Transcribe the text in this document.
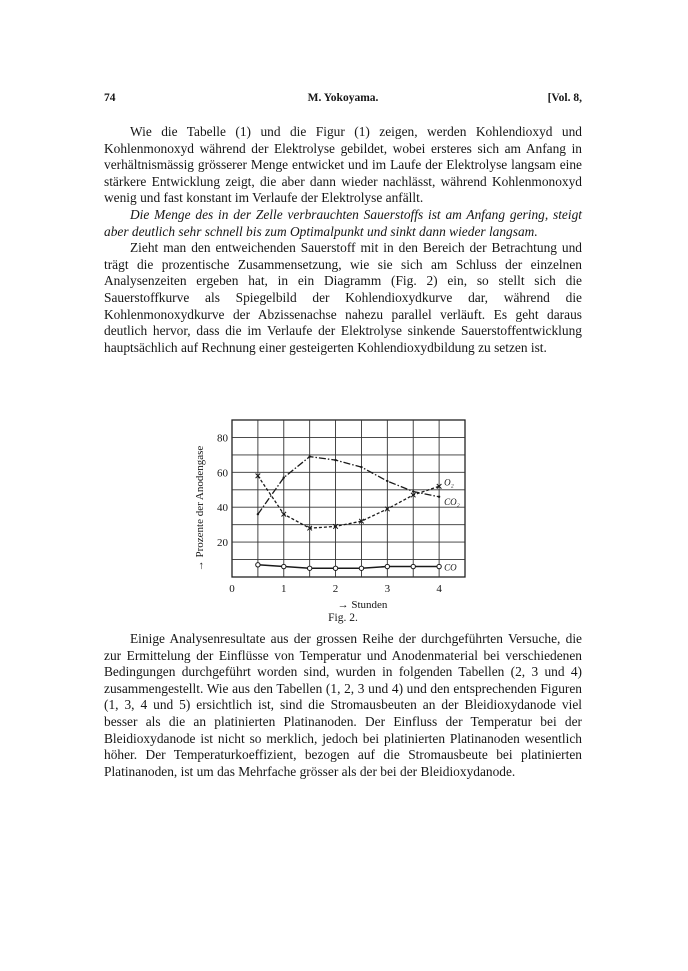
74	M. Yokoyama.	[Vol. 8,

Wie die Tabelle (1) und die Figur (1) zeigen, werden Kohlendioxyd und Kohlenmonoxyd während der Elektrolyse gebildet, wobei ersteres sich am Anfang in verhältnismässig grösserer Menge entwicket und im Laufe der Elektrolyse langsam eine stärkere Entwicklung zeigt, die aber dann wieder nachlässt, während Kohlenmonoxyd wenig und fast konstant im Verlaufe der Elektrolyse anfällt.

Die Menge des in der Zelle verbrauchten Sauerstoffs ist am Anfang gering, steigt aber deutlich sehr schnell bis zum Optimalpunkt und sinkt dann wieder langsam.

Zieht man den entweichenden Sauerstoff mit in den Bereich der Betrachtung und trägt die prozentische Zusammensetzung, wie sie sich am Schluss der einzelnen Analysenzeiten ergeben hat, in ein Diagramm (Fig. 2) ein, so stellt sich die Sauerstoffkurve als Spiegelbild der Kohlendioxydkurve dar, während die Kohlenmonoxydkurve der Abzissenachse nahezu parallel verläuft. Es geht daraus deutlich hervor, dass die im Verlaufe der Elektrolyse sinkende Sauerstoffentwicklung hauptsächlich auf Rechnung einer gesteigerten Kohlendioxydbildung zu setzen ist.

0	1	2	3	4
20
40
60
80
→ Stunden
→ Prozente der Anodengase	O₂
CO₂
CO
Fig. 2.

Einige Analysenresultate aus der grossen Reihe der durchgeführten Versuche, die zur Ermittelung der Einflüsse von Temperatur und Anodenmaterial bei verschiedenen Bedingungen durchgeführt worden sind, wurden in folgenden Tabellen (2, 3 und 4) zusammengestellt. Wie aus den Tabellen (1, 2, 3 und 4) und den entsprechenden Figuren (1, 3, 4 und 5) ersichtlich ist, sind die Stromausbeuten an der Bleidioxydanode viel besser als die an platinierten Platinanoden. Der Einfluss der Temperatur bei der Bleidioxydanode ist nicht so merklich, jedoch bei platinierten Platinanoden wesentlich höher. Der Temperaturkoeffizient, bezogen auf die Stromausbeute bei platinierten Platinanoden, ist um das Mehrfache grösser als der bei der Bleidioxydanode.
